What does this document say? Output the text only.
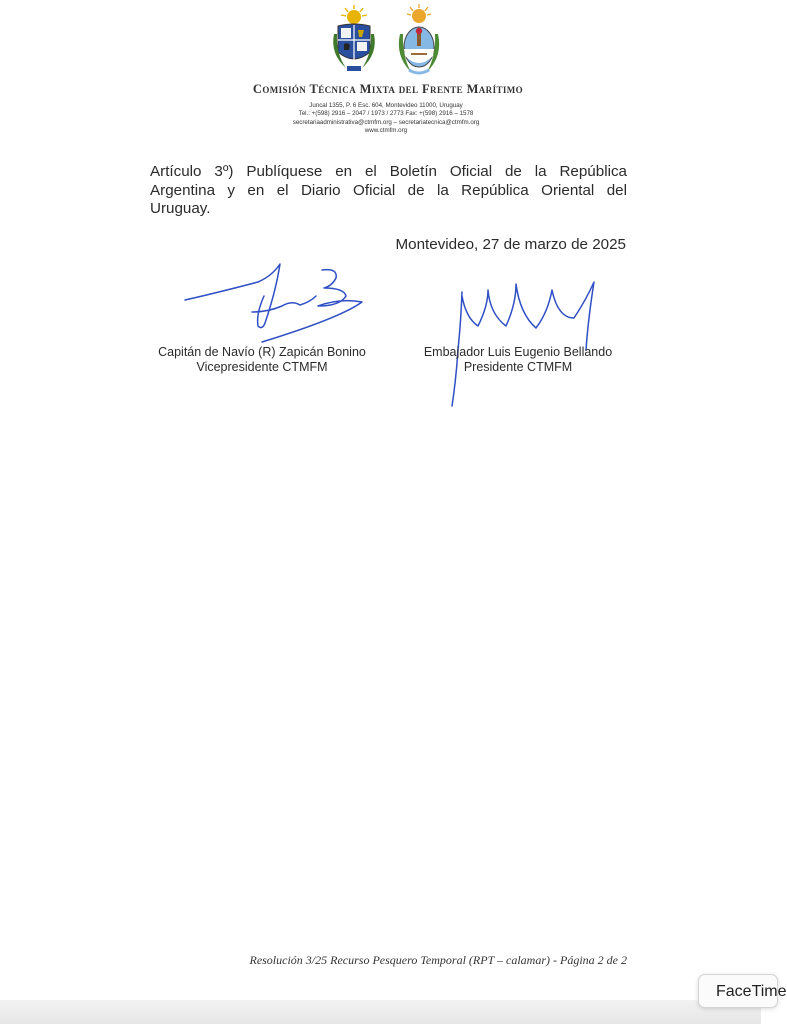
Comisión Técnica Mixta del Frente Marítimo
Juncal 1355, P. 6 Esc. 604, Montevideo 11000, Uruguay
Tel.: +(598) 2916 – 2047 / 1973 / 2773 Fax: +(598) 2916 – 1578
secretariaadministrativa@ctmfm.org – secretariatecnica@ctmfm.org
www.ctmfm.org
Artículo 3º) Publíquese en el Boletín Oficial de la República
Argentina y en el Diario Oficial de la República Oriental del
Uruguay.
Montevideo, 27 de marzo de 2025
Capitán de Navío (R) Zapicán Bonino
Vicepresidente CTMFM
Embajador Luis Eugenio Bellando
Presidente CTMFM
Resolución 3/25 Recurso Pesquero Temporal (RPT – calamar) - Página 2 de 2
FaceTime
